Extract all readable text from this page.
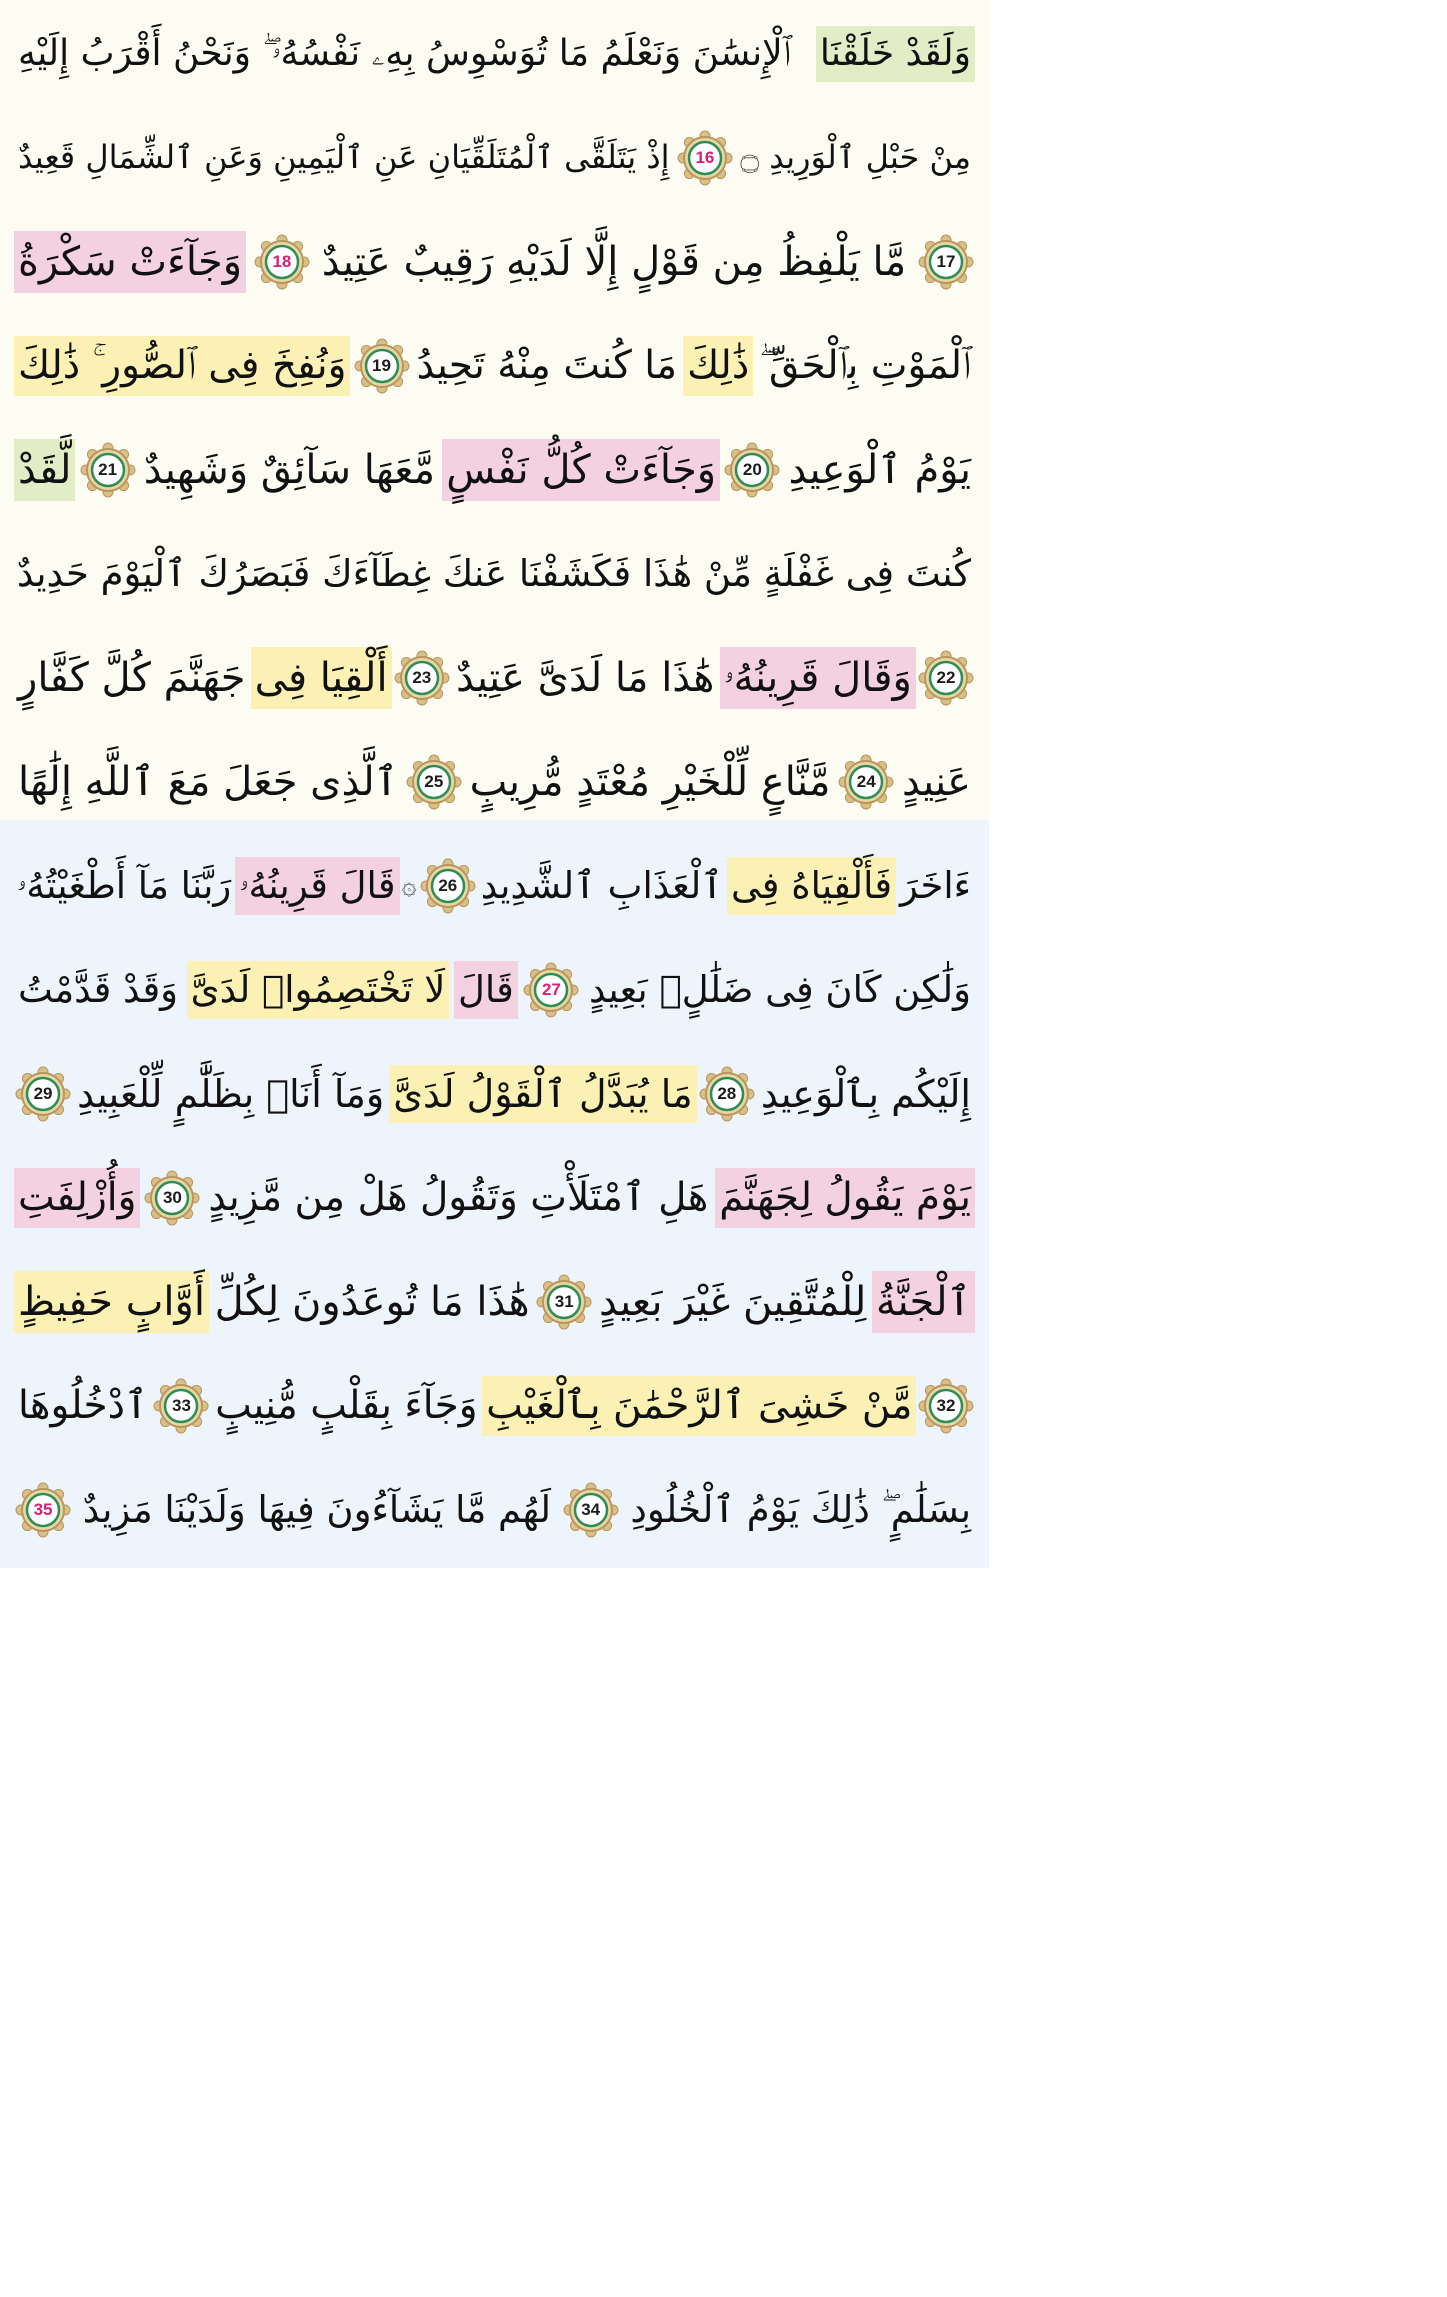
وَلَقَدْ خَلَقْنَا
ٱلْإِنسَٰنَ وَنَعْلَمُ مَا تُوَسْوِسُ بِهِۦ نَفْسُهُۥ ۖ وَنَحْنُ أَقْرَبُ إِلَيْهِ
مِنْ حَبْلِ ٱلْوَرِيدِ ۝
16
إِذْ يَتَلَقَّى ٱلْمُتَلَقِّيَانِ عَنِ ٱلْيَمِينِ وَعَنِ ٱلشِّمَالِ قَعِيدٌ
17
مَّا يَلْفِظُ مِن قَوْلٍ إِلَّا لَدَيْهِ رَقِيبٌ عَتِيدٌ
18
وَجَآءَتْ سَكْرَةُ
ٱلْمَوْتِ بِٱلْحَقِّ ۖ
ذَٰلِكَ
مَا كُنتَ مِنْهُ تَحِيدُ
19
وَنُفِخَ فِى ٱلصُّورِ ۚ ذَٰلِكَ
يَوْمُ ٱلْوَعِيدِ
20
وَجَآءَتْ كُلُّ نَفْسٍ
مَّعَهَا سَآئِقٌ وَشَهِيدٌ
21
لَّقَدْ
كُنتَ فِى غَفْلَةٍ مِّنْ هَٰذَا فَكَشَفْنَا عَنكَ غِطَآءَكَ فَبَصَرُكَ ٱلْيَوْمَ حَدِيدٌ
22
وَقَالَ قَرِينُهُۥ
هَٰذَا مَا لَدَىَّ عَتِيدٌ
23
أَلْقِيَا فِى
جَهَنَّمَ كُلَّ كَفَّارٍ
عَنِيدٍ
24
مَّنَّاعٍ لِّلْخَيْرِ مُعْتَدٍ مُّرِيبٍ
25
ٱلَّذِى جَعَلَ مَعَ ٱللَّهِ إِلَٰهًا
ءَاخَرَ
فَأَلْقِيَاهُ فِى
ٱلْعَذَابِ ٱلشَّدِيدِ
26
۞
قَالَ قَرِينُهُۥ
رَبَّنَا مَآ أَطْغَيْتُهُۥ
وَلَٰكِن كَانَ فِى ضَلَٰلٍۭ بَعِيدٍ
27
قَالَ
لَا تَخْتَصِمُوا۟ لَدَىَّ
وَقَدْ قَدَّمْتُ
إِلَيْكُم بِٱلْوَعِيدِ
28
مَا يُبَدَّلُ ٱلْقَوْلُ لَدَىَّ
وَمَآ أَنَا۠ بِظَلَّٰمٍ لِّلْعَبِيدِ
29
يَوْمَ يَقُولُ لِجَهَنَّمَ
هَلِ ٱمْتَلَأْتِ وَتَقُولُ هَلْ مِن مَّزِيدٍ
30
وَأُزْلِفَتِ
ٱلْجَنَّةُ
لِلْمُتَّقِينَ غَيْرَ بَعِيدٍ
31
هَٰذَا مَا تُوعَدُونَ لِكُلِّ
أَوَّابٍ حَفِيظٍ
32
مَّنْ خَشِىَ ٱلرَّحْمَٰنَ بِٱلْغَيْبِ
وَجَآءَ بِقَلْبٍ مُّنِيبٍ
33
ٱدْخُلُوهَا
بِسَلَٰمٍ ۖ ذَٰلِكَ يَوْمُ ٱلْخُلُودِ
34
لَهُم مَّا يَشَآءُونَ فِيهَا وَلَدَيْنَا مَزِيدٌ
35
